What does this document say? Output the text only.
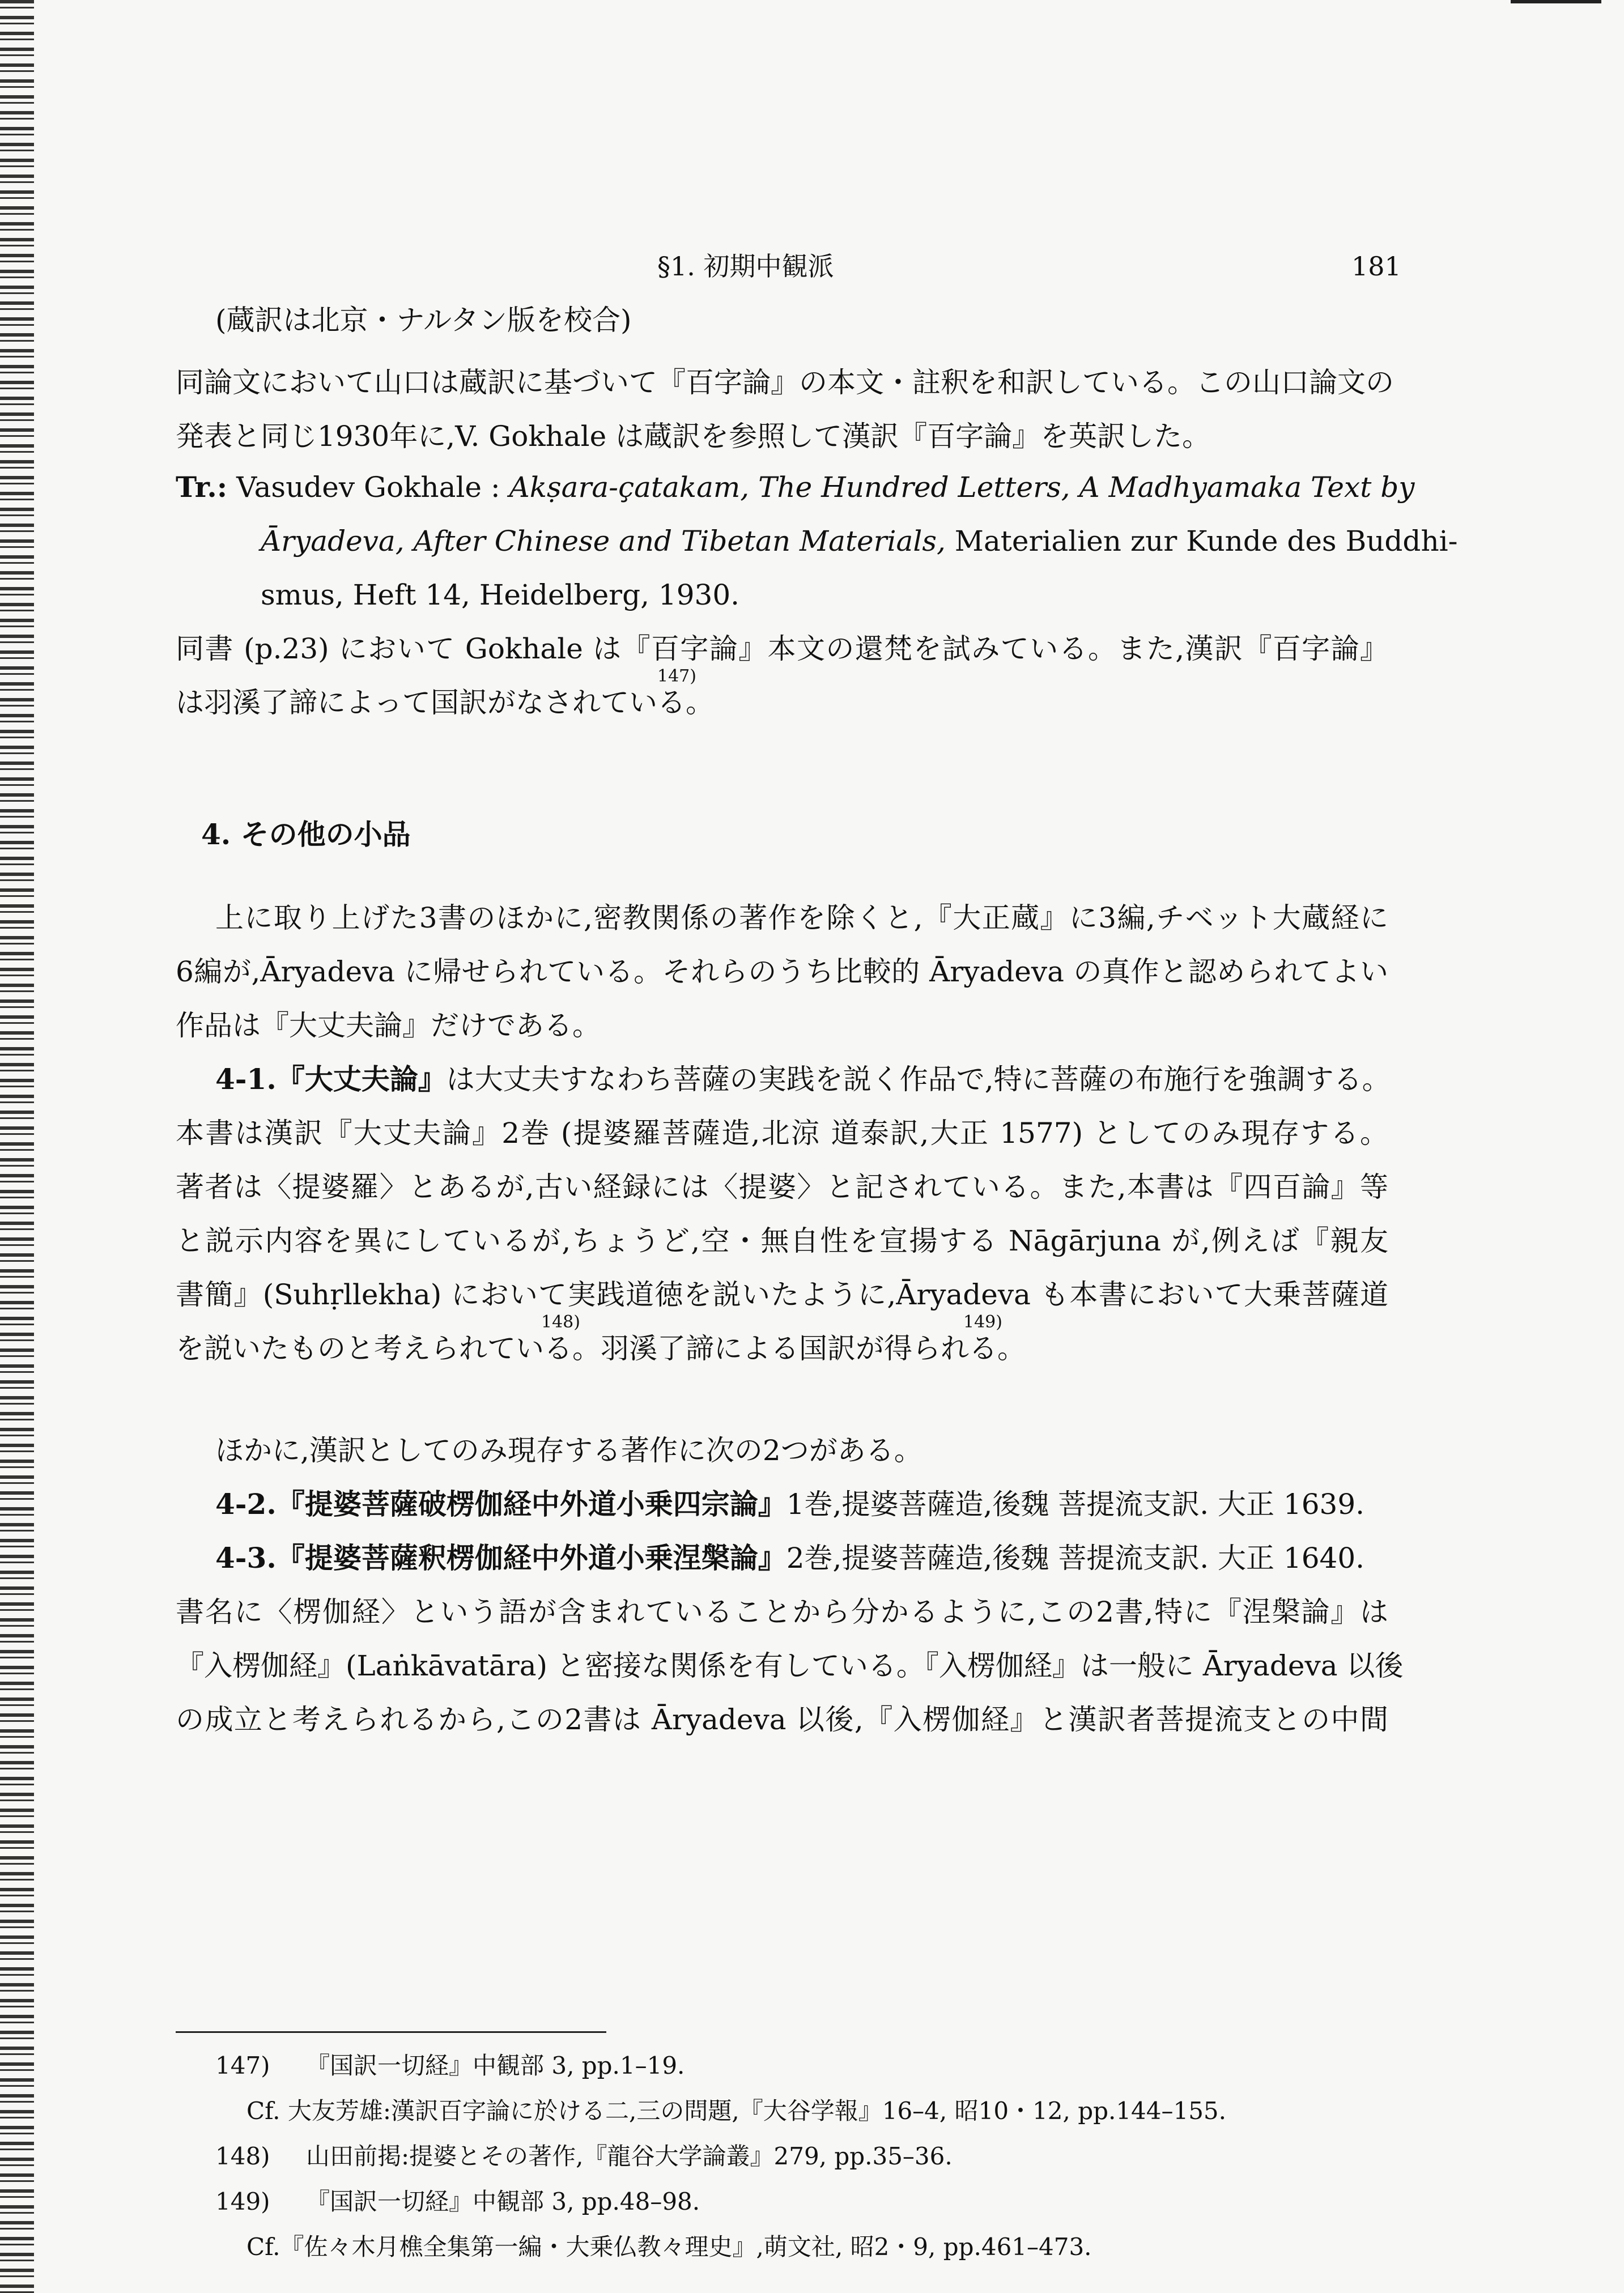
§1. 初期中観派	181
(蔵訳は北京・ナルタン版を校合)
同論文において山口は蔵訳に基づいて『百字論』の本文・註釈を和訳している。この山口論文の
発表と同じ1930年に,V. Gokhale は蔵訳を参照して漢訳『百字論』を英訳した。
Tr.: Vasudev Gokhale : Akṣara-çatakam, The Hundred Letters, A Madhyamaka Text by
Āryadeva, After Chinese and Tibetan Materials, Materialien zur Kunde des Buddhi-
smus, Heft 14, Heidelberg, 1930.
同書 (p.23) において Gokhale は『百字論』本文の還梵を試みている。また,漢訳『百字論』
147)
は羽溪了諦によって国訳がなされている。
4. その他の小品
上に取り上げた3書のほかに,密教関係の著作を除くと,『大正蔵』に3編,チベット大蔵経に
6編が,Āryadeva に帰せられている。それらのうち比較的 Āryadeva の真作と認められてよい
作品は『大丈夫論』だけである。
4-1.『大丈夫論』は大丈夫すなわち菩薩の実践を説く作品で,特に菩薩の布施行を強調する。
本書は漢訳『大丈夫論』2巻 (提婆羅菩薩造,北涼 道泰訳,大正 1577) としてのみ現存する。
著者は〈提婆羅〉とあるが,古い経録には〈提婆〉と記されている。また,本書は『四百論』等
と説示内容を異にしているが,ちょうど,空・無自性を宣揚する Nāgārjuna が,例えば『親友
書簡』(Suhṛllekha) において実践道徳を説いたように,Āryadeva も本書において大乗菩薩道
148)	149)
を説いたものと考えられている。羽溪了諦による国訳が得られる。
ほかに,漢訳としてのみ現存する著作に次の2つがある。
4-2.『提婆菩薩破楞伽経中外道小乗四宗論』1巻,提婆菩薩造,後魏 菩提流支訳. 大正 1639.
4-3.『提婆菩薩釈楞伽経中外道小乗涅槃論』2巻,提婆菩薩造,後魏 菩提流支訳. 大正 1640.
書名に〈楞伽経〉という語が含まれていることから分かるように,この2書,特に『涅槃論』は
『入楞伽経』(Laṅkāvatāra) と密接な関係を有している。『入楞伽経』は一般に Āryadeva 以後
の成立と考えられるから,この2書は Āryadeva 以後,『入楞伽経』と漢訳者菩提流支との中間
147) 『国訳一切経』中観部 3, pp.1–19.
Cf. 大友芳雄:漢訳百字論に於ける二,三の問題,『大谷学報』16–4, 昭10・12, pp.144–155.
148) 山田前掲:提婆とその著作,『龍谷大学論叢』279, pp.35–36.
149) 『国訳一切経』中観部 3, pp.48–98.
Cf.『佐々木月樵全集第一編・大乗仏教々理史』,萌文社, 昭2・9, pp.461–473.
